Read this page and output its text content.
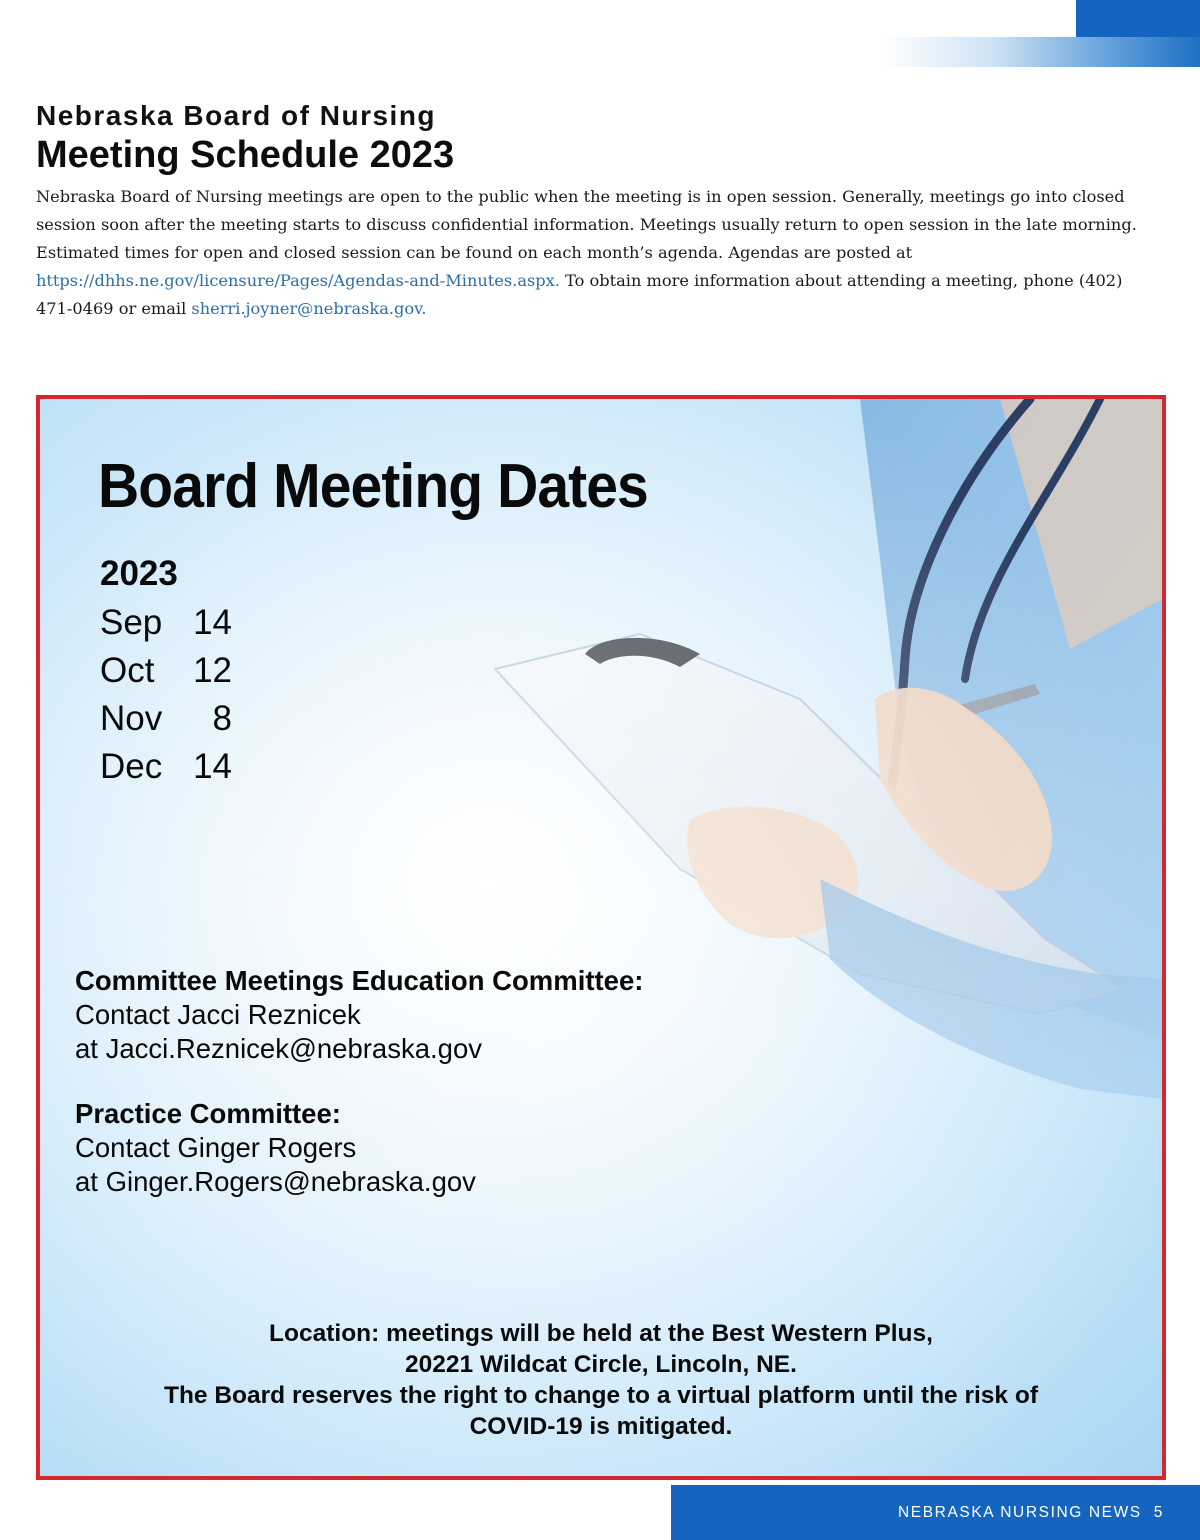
Nebraska Board of Nursing
Meeting Schedule 2023

Nebraska Board of Nursing meetings are open to the public when the meeting is in open session. Generally, meetings go into closed session soon after the meeting starts to discuss confidential information. Meetings usually return to open session in the late morning. Estimated times for open and closed session can be found on each month’s agenda. Agendas are posted at https://dhhs.ne.gov/licensure/Pages/Agendas-and-Minutes.aspx. To obtain more information about attending a meeting, phone (402) 471-0469 or email sherri.joyner@nebraska.gov.

Board Meeting Dates
2023
Sep 14
Oct	12
Nov	8
Dec 14
Committee Meetings Education Committee:
Contact Jacci Reznicek
at Jacci.Reznicek@nebraska.gov
Practice Committee:
Contact Ginger Rogers
at Ginger.Rogers@nebraska.gov
Location: meetings will be held at the Best Western Plus,
20221 Wildcat Circle, Lincoln, NE.
The Board reserves the right to change to a virtual platform until the risk of
COVID-19 is mitigated.
NEBRASKA NURSING NEWS 5
